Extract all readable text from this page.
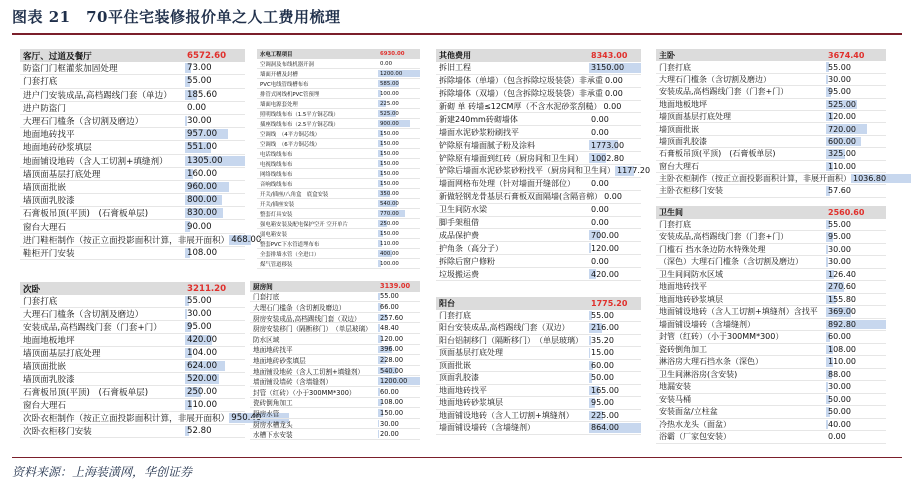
图表 21　70平住宅装修报价单之人工费用梳理
客厅、过道及餐厅	6572.60
防盗门门框灌浆加固处理	73.00
门套打底	55.00
进户门安装成品,高档踢线门套（单边）	185.60
进户防盗门	0.00
大理石门槛条（含切割及磨边）	30.00
地面地砖找平	957.00
地面地砖砂浆填层	551.00
地面铺设地砖（含人工切割+填缝剂）	1305.00
墙顶面基层打底处理	160.00
墙顶面批嵌	960.00
墙顶面乳胶漆	800.00
石膏板吊顶(平顶)　(石膏板单层)	830.00
窗台大理石	90.00
进门鞋柜制作（按正立面投影面积计算，非展开面积） 468.00
鞋柜开门安装	108.00
次卧	3211.20
门套打底	55.00
大理石门槛条（含切割及磨边）	30.00
安装成品,高档踢线门套（门套+门）	95.00
地面地板地坪	420.00
墙顶面基层打底处理	104.00
墙顶面批嵌	624.00
墙顶面乳胶漆	520.00
石膏板吊顶(平顶)　(石膏板单层)	250.00
窗台大理石	110.00
次卧衣柜制作（按正立面投影面积计算，非展开面积） 950.40
次卧衣柜移门安装	52.80
水电工程项目	6930.00
空调洞及布线机器开洞	0.00
墙面开槽及封槽	1200.00
PVC电线管线槽布布	585.00
排管式网线机PVC管预埋	100.00
墙面电源套处理	225.00
照明线线布布（1.5平方铜芯线）	525.00
插座线线布布（2.5平方铜芯线）	900.00
空调线　（4平方铜芯线）	150.00
空调线　（6平方铜芯线）	150.00
电话线线布布	150.00
电视线线布布	150.00
网络线线布布	150.00
音响线线布布	150.00
开关/插座/八角盒　底盒安装	350.00
开关/插座安装	540.00
整套灯具安装	770.00
强电箱安装及配电保护空开 空开单片	250.00
弱电箱安装	150.00
整套PVC下水管道埋布布	110.00
全套排墙水管（全进口）	400.00
煤气管道移装	100.00
厨房间	3139.00
门套打底	55.00
大理石门槛条（含切割及磨边）	66.00
厨房安装成品,高档踢线门套（双边）	257.60
厨房安装移门（隔断移门）　（单层玻璃）	48.40
防水区域	120.00
地面地砖找平	396.00
地面地砖砂浆填层	228.00
地面铺设地砖（含人工切割+填缝剂）	540.00
墙面铺设墙砖（含墙缝剂）	1200.00
封管（红砖）（小于300MM*300）	60.00
瓷砖倒角加工	108.00
厨房水管	150.00
厨房水槽龙头	30.00
水槽下水安装	20.00
其他费用	8343.00
拆旧工程	3150.00
拆除墙体（单墙）（包含拆除垃圾装袋）非承重 0.00
拆除墙体（双墙）（包含拆除垃圾装袋）非承重 0.00
新砌 单 砖墙≤12CM厚（不含水泥砂浆刮糙） 0.00
新建240mm砖砌墙体	0.00
墙面水泥砂浆粉刷找平	0.00
铲除原有墙面腻子粉及涂料	1773.00
铲除原有墙面到红砖（厨房间和卫生间）	1002.80
铲除后墙面水泥砂浆砂粉找平（厨房间和卫生间） 1177.20
墙面网格布处理（针对墙面开缝部位）	0.00
新做轻钢龙骨基层石膏板双面隔墙(含隔音棉） 0.00
卫生间防水梁	0.00
脚手架租借	0.00
成品保护费	700.00
护角条（高分子）	120.00
拆除后窗户修粉	0.00
垃圾搬运费	420.00
阳台	1775.20
门套打底	55.00
阳台安装成品,高档踢线门套（双边）	216.00
阳台铝制移门（隔断移门）　（单层玻璃）	35.20
顶面基层打底处理	15.00
顶面批嵌	60.00
顶面乳胶漆	50.00
地面地砖找平	165.00
地面地砖砂浆填层	95.00
地面铺设地砖（含人工切割+填缝剂）	225.00
墙面铺设墙砖（含墙缝剂）	864.00
主卧	3674.40
门套打底	55.00
大理石门槛条（含切割及磨边）	30.00
安装成品,高档踢线门套（门套+门）	95.00
地面地板地坪	525.00
墙顶面基层打底处理	120.00
墙顶面批嵌	720.00
墙顶面乳胶漆	600.00
石膏板吊顶(平顶)　(石膏板单层)	325.00
窗台大理石	110.00
主卧衣柜制作（按正立面投影面积计算，非展开面积） 1036.80
主卧衣柜移门安装	57.60
卫生间	2560.60
门套打底	55.00
安装成品,高档踢线门套（门套+门）	95.00
门槛石 挡水条边防水特殊处理	30.00
（深色）大理石门槛条（含切割及磨边）	30.00
卫生间间防水区域	126.40
地面地砖找平	270.60
地面地砖砂浆填层	155.80
地面铺设地砖（含人工切割+填缝剂）含找平	369.00
墙面铺设墙砖（含墙缝剂）	892.80
封管（红砖）（小于300MM*300）	60.00
瓷砖倒角加工	108.00
淋浴房大理石挡水条（深色）	110.00
卫生间淋浴房(含安装)	88.00
地漏安装	30.00
安装马桶	50.00
安装面盆/立柱盆	50.00
冷热水龙头（面盆）	40.00
浴霸（厂家包安装）	0.00
资料来源：上海装潢网，华创证券
